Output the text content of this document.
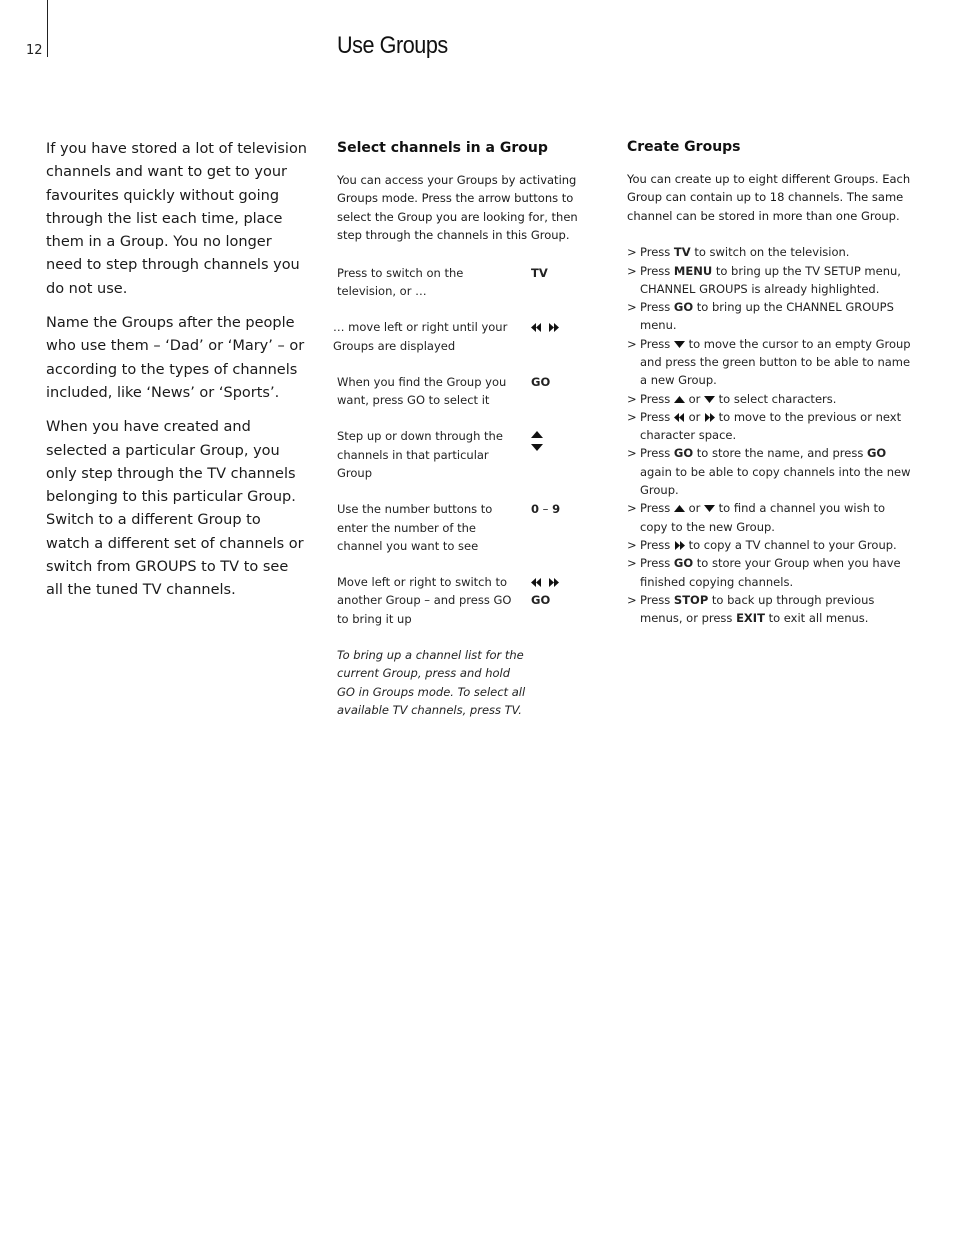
12	Use Groups

If you have stored a lot of television channels and want to get to your favourites quickly without going through the list each time, place them in a Group. You no longer need to step through channels you do not use.

Name the Groups after the people who use them – ‘Dad’ or ‘Mary’ – or according to the types of channels included, like ‘News’ or ‘Sports’.

When you have created and selected a particular Group, you only step through the TV channels belonging to this particular Group. Switch to a different Group to watch a different set of channels or switch from GROUPS to TV to see all the tuned TV channels.

Select channels in a Group

You can access your Groups by activating Groups mode. Press the arrow buttons to select the Group you are looking for, then step through the channels in this Group.

Press to switch on the television, or …
TV
… move left or right until your Groups are displayed
When you find the Group you want, press GO to select it
GO
Step up or down through the channels in that particular Group
Use the number buttons to enter the number of the channel you want to see
0 – 9
Move left or right to switch to another Group – and press GO to bring it up
GO

To bring up a channel list for the current Group, press and hold GO in Groups mode. To select all available TV channels, press TV.

Create Groups

You can create up to eight different Groups. Each Group can contain up to 18 channels. The same channel can be stored in more than one Group.

> Press TV to switch on the television.
> Press MENU to bring up the TV SETUP menu, CHANNEL GROUPS is already highlighted.
> Press GO to bring up the CHANNEL GROUPS menu.
> Press
to move the cursor to an empty Group and press the green button to be able to name a new Group.
> Press
or
to select characters.
> Press
or
to move to the previous or next character space.
> Press GO to store the name, and press GO again to be able to copy channels into the new Group.
> Press
or
to find a channel you wish to copy to the new Group.
> Press
to copy a TV channel to your Group.
> Press GO to store your Group when you have finished copying channels.
> Press STOP to back up through previous menus, or press EXIT to exit all menus.
